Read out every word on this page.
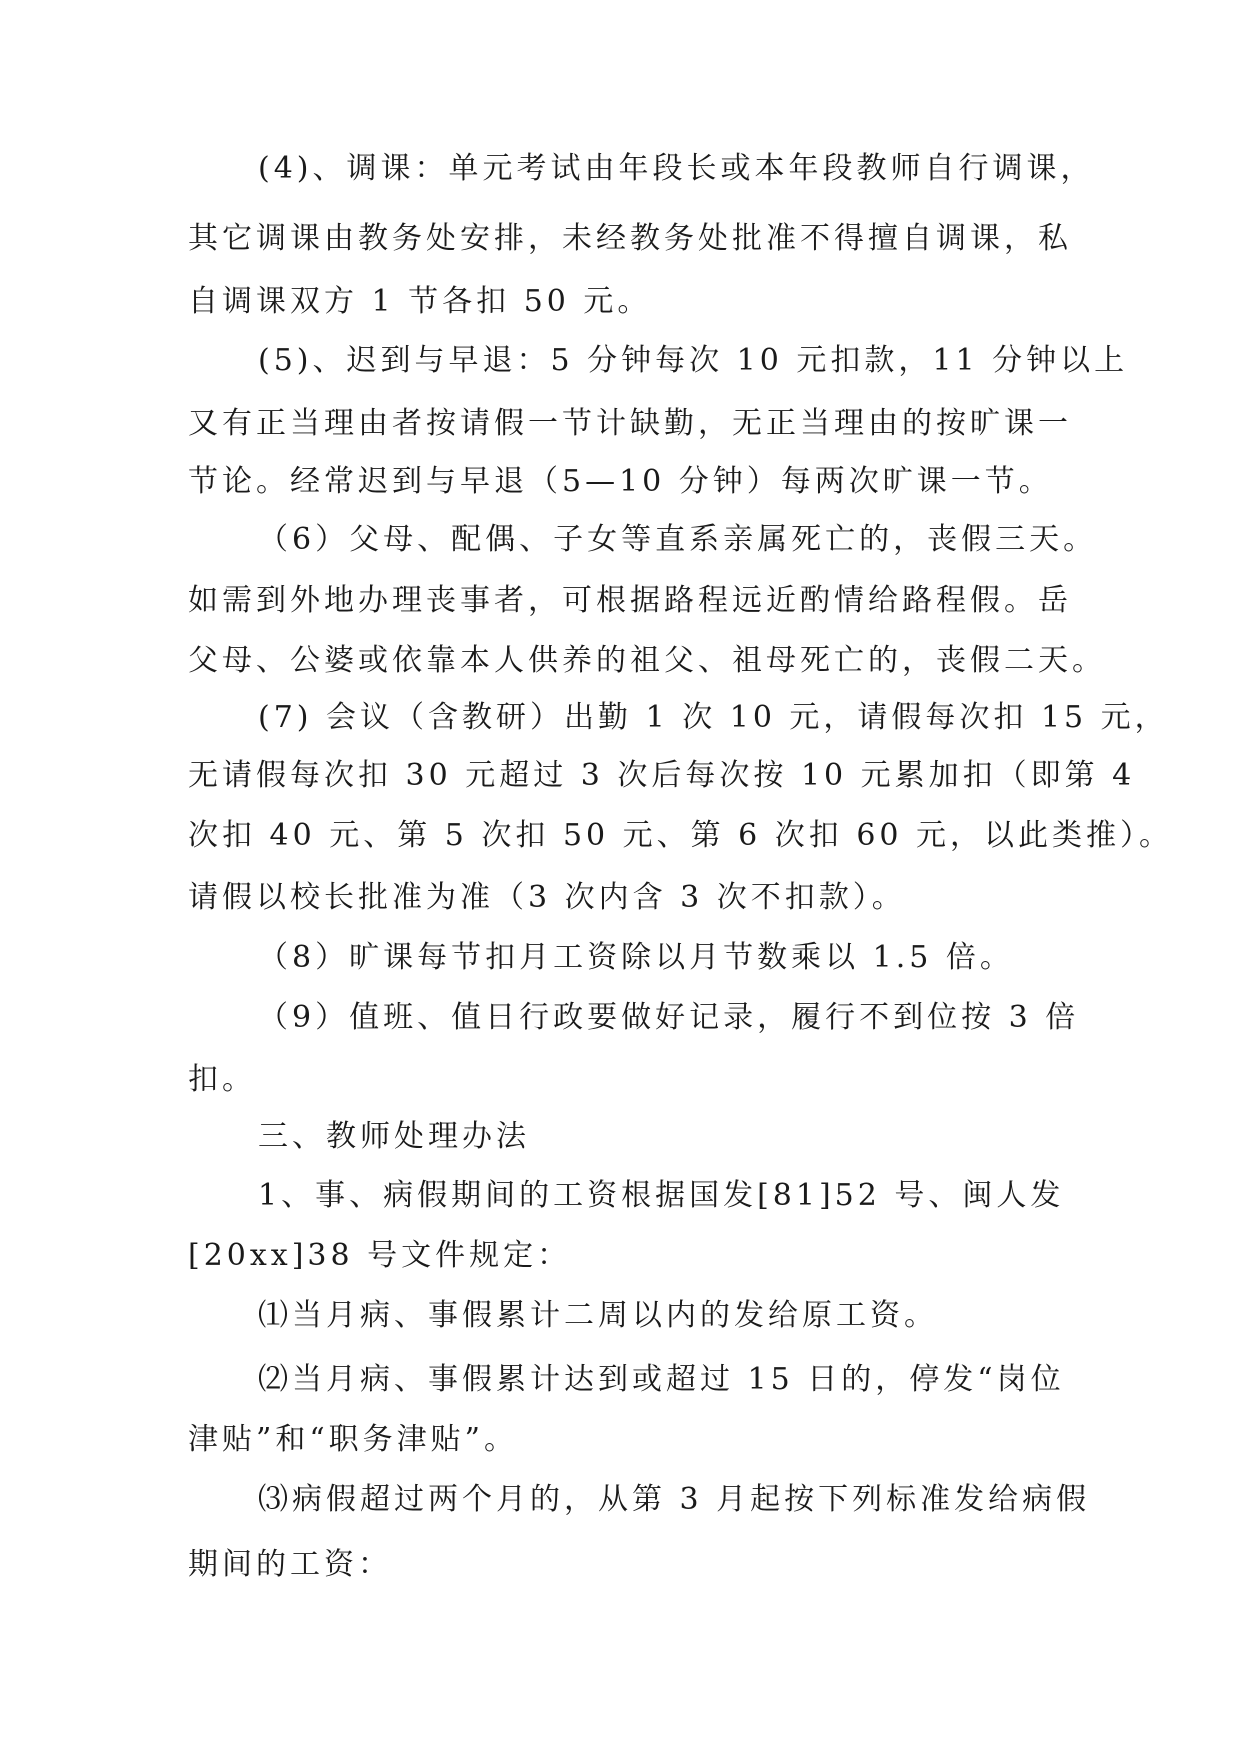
(4)、调课：单元考试由年段长或本年段教师自行调课，
其它调课由教务处安排，未经教务处批准不得擅自调课，私
自调课双方 1 节各扣 50 元。
(5)、迟到与早退：5 分钟每次 10 元扣款，11 分钟以上
又有正当理由者按请假一节计缺勤，无正当理由的按旷课一
节论。经常迟到与早退（5—10 分钟）每两次旷课一节。
（6）父母、配偶、子女等直系亲属死亡的，丧假三天。
如需到外地办理丧事者，可根据路程远近酌情给路程假。岳
父母、公婆或依靠本人供养的祖父、祖母死亡的，丧假二天。
(7) 会议（含教研）出勤 1 次 10 元，请假每次扣 15 元，
无请假每次扣 30 元超过 3 次后每次按 10 元累加扣（即第 4
次扣 40 元、第 5 次扣 50 元、第 6 次扣 60 元，以此类推）。
请假以校长批准为准（3 次内含 3 次不扣款）。
（8）旷课每节扣月工资除以月节数乘以 1.5 倍。
（9）值班、值日行政要做好记录，履行不到位按 3 倍
扣。
三、教师处理办法
1、事、病假期间的工资根据国发[81]52 号、闽人发
[20xx]38 号文件规定：
⑴当月病、事假累计二周以内的发给原工资。
⑵当月病、事假累计达到或超过 15 日的，停发“岗位
津贴”和“职务津贴”。
⑶病假超过两个月的，从第 3 月起按下列标准发给病假
期间的工资：
